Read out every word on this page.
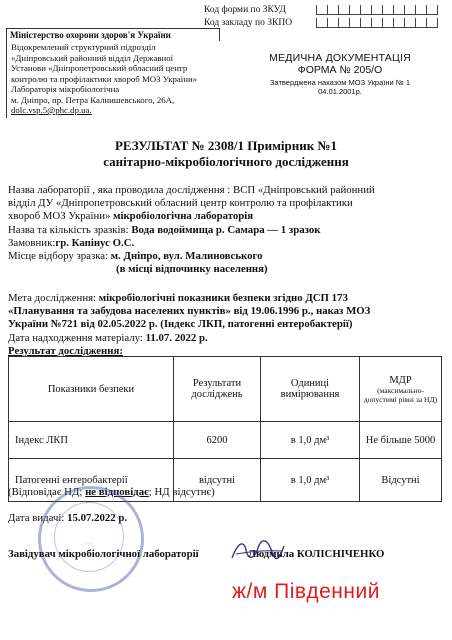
Код форми по ЗКУД
Код закладу по ЗКПО
Міністерство охорони здоров'я України
Відокремлений структурний підрозділ
«Дніпровський районний відділ Державної
Установи «Дніпропетровський обласний центр
контролю та профілактики хвороб МОЗ України»
Лабораторія мікробіологічна
м. Дніпро, пр. Петра Калнишевського, 26А,
dolc.vsp.5@phc.dp.ua.
МЕДИЧНА ДОКУМЕНТАЦІЯ
ФОРМА № 205/О
Затверджена наказом МОЗ України № 1
04.01.2001р.
РЕЗУЛЬТАТ № 2308/1 Примірник №1
санітарно-мікробіологічного дослідження
Назва лабораторії , яка проводила дослідження : ВСП «Дніпровський районний
відділ ДУ «Дніпропетровський обласний центр контролю та профілактики
хвороб МОЗ України» мікробіологічна лабораторія
Назва та кількість зразків: Вода водоймища р. Самара — 1 зразок
Замовник:гр. Капінус О.С.
Місце відбору зразка: м. Дніпро, вул. Малиновського
(в місці відпочинку населення)
Мета дослідження: мікробіологічні показники безпеки згідно ДСП 173
«Планування та забудова населених пунктів» від 19.06.1996 р., наказ МОЗ
України №721 від 02.05.2022 р. (Індекс ЛКП, патогенні ентеробактерії)
Дата надходження матеріалу: 11.07. 2022 р.
Результат дослідження:
Показники безпеки	Результати досліджень	Одиниці вимірювання	МДР
(максимально-допустимі рівні за НД)

Індекс ЛКП	6200	в 1,0 дм³	Не більше 5000
Патогенні ентеробактерії	відсутні	в 1,0 дм³	Відсутні
(Відповідає НД; не відповідає; НД відсутнє)
Дата видачі: 15.07.2022 р.
·····
Завідувач мікробіологічної лабораторії	Людмила КОЛІСНІЧЕНКО
ж/м Південний
